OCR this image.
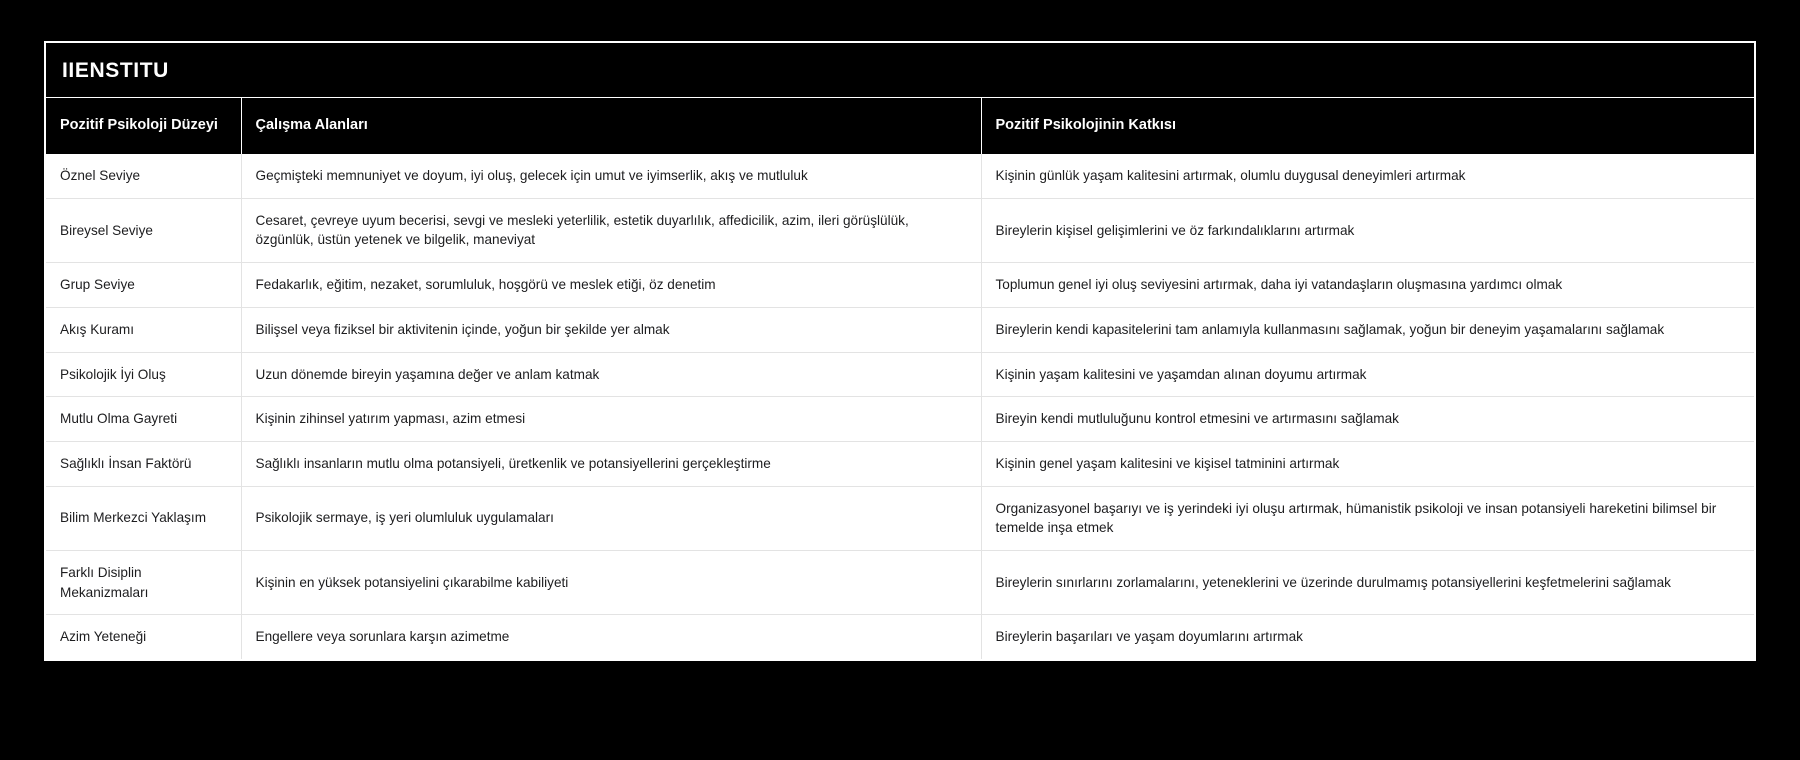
IIENSTITU
Pozitif Psikoloji Düzeyi	Çalışma Alanları	Pozitif Psikolojinin Katkısı
Öznel Seviye	Geçmişteki memnuniyet ve doyum, iyi oluş, gelecek için umut ve iyimserlik, akış ve mutluluk	Kişinin günlük yaşam kalitesini artırmak, olumlu duygusal deneyimleri artırmak
Bireysel Seviye	Cesaret, çevreye uyum becerisi, sevgi ve mesleki yeterlilik, estetik duyarlılık, affedicilik, azim, ileri görüşlülük, özgünlük, üstün yetenek ve bilgelik, maneviyat	Bireylerin kişisel gelişimlerini ve öz farkındalıklarını artırmak
Grup Seviye	Fedakarlık, eğitim, nezaket, sorumluluk, hoşgörü ve meslek etiği, öz denetim	Toplumun genel iyi oluş seviyesini artırmak, daha iyi vatandaşların oluşmasına yardımcı olmak
Akış Kuramı	Bilişsel veya fiziksel bir aktivitenin içinde, yoğun bir şekilde yer almak	Bireylerin kendi kapasitelerini tam anlamıyla kullanmasını sağlamak, yoğun bir deneyim yaşamalarını sağlamak
Psikolojik İyi Oluş	Uzun dönemde bireyin yaşamına değer ve anlam katmak	Kişinin yaşam kalitesini ve yaşamdan alınan doyumu artırmak
Mutlu Olma Gayreti	Kişinin zihinsel yatırım yapması, azim etmesi	Bireyin kendi mutluluğunu kontrol etmesini ve artırmasını sağlamak
Sağlıklı İnsan Faktörü	Sağlıklı insanların mutlu olma potansiyeli, üretkenlik ve potansiyellerini gerçekleştirme	Kişinin genel yaşam kalitesini ve kişisel tatminini artırmak
Bilim Merkezci Yaklaşım	Psikolojik sermaye, iş yeri olumluluk uygulamaları	Organizasyonel başarıyı ve iş yerindeki iyi oluşu artırmak, hümanistik psikoloji ve insan potansiyeli hareketini bilimsel bir temelde inşa etmek
Farklı Disiplin Mekanizmaları	Kişinin en yüksek potansiyelini çıkarabilme kabiliyeti	Bireylerin sınırlarını zorlamalarını, yeteneklerini ve üzerinde durulmamış potansiyellerini keşfetmelerini sağlamak
Azim Yeteneği	Engellere veya sorunlara karşın azimetme	Bireylerin başarıları ve yaşam doyumlarını artırmak
